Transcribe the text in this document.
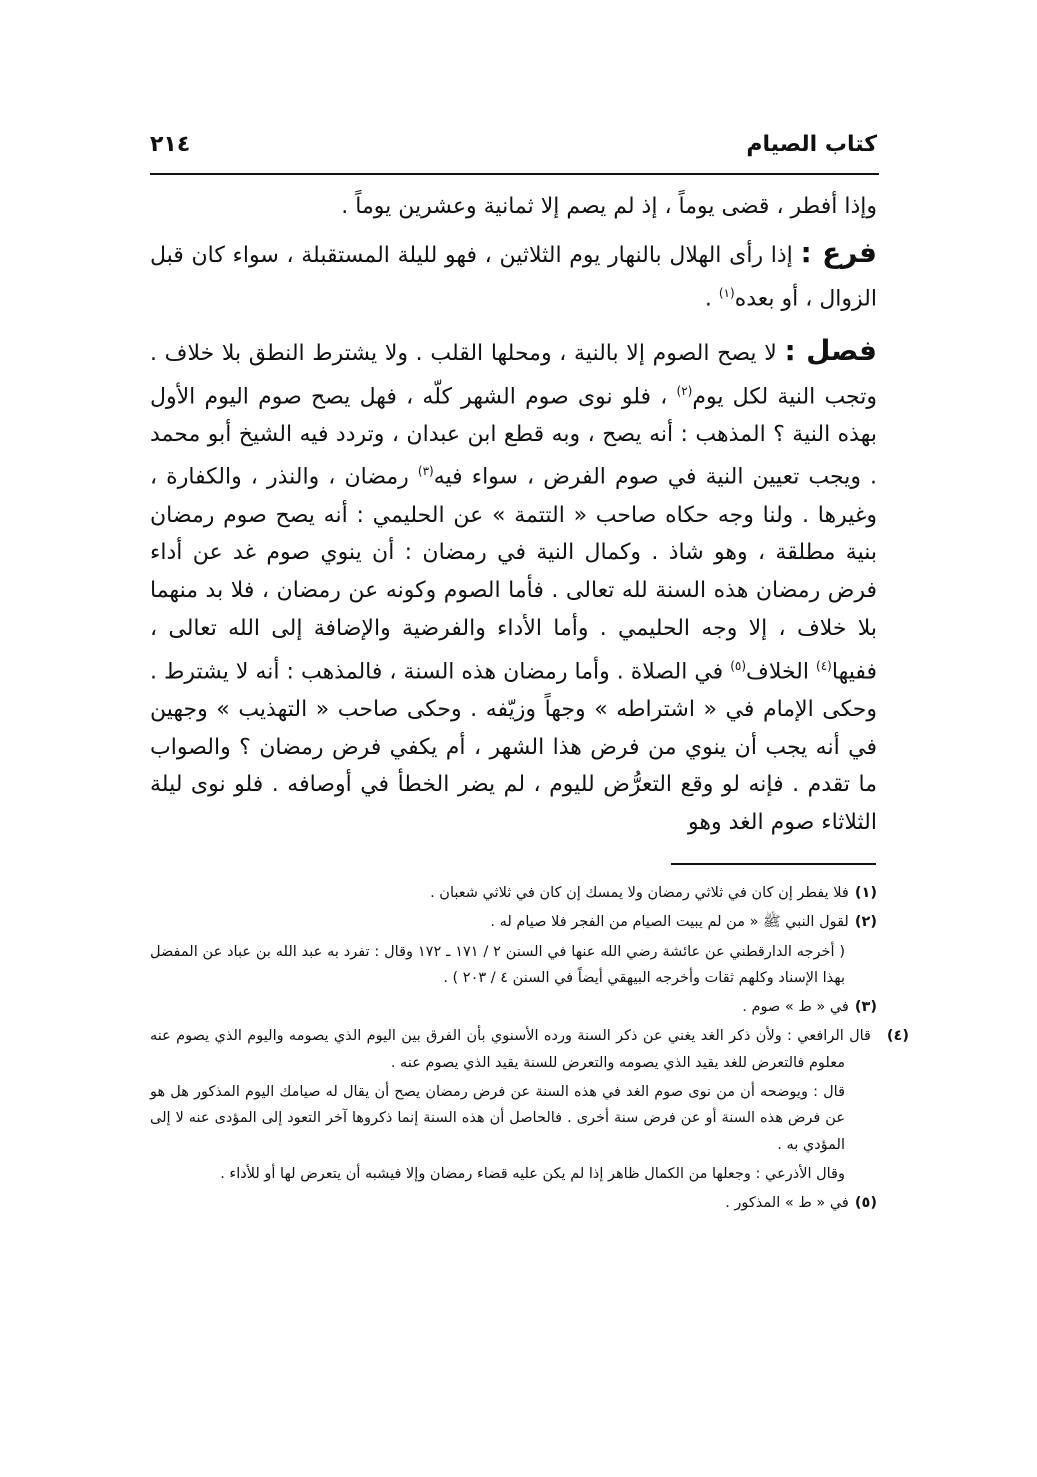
كتاب الصيام
٢١٤

وإذا أفطر ، قضى يوماً ، إذ لم يصم إلا ثمانية وعشرين يوماً .

فرع : إذا رأى الهلال بالنهار يوم الثلاثين ، فهو لليلة المستقبلة ، سواء كان قبل الزوال ، أو بعده$^{(١)}$ .

فصل : لا يصح الصوم إلا بالنية ، ومحلها القلب . ولا يشترط النطق بلا خلاف . وتجب النية لكل يوم$^{(٢)}$ ، فلو نوى صوم الشهر كلّه ، فهل يصح صوم اليوم الأول بهذه النية ؟ المذهب : أنه يصح ، وبه قطع ابن عبدان ، وتردد فيه الشيخ أبو محمد . ويجب تعيين النية في صوم الفرض ، سواء فيه$^{(٣)}$ رمضان ، والنذر ، والكفارة ، وغيرها . ولنا وجه حكاه صاحب « التتمة » عن الحليمي : أنه يصح صوم رمضان بنية مطلقة ، وهو شاذ . وكمال النية في رمضان : أن ينوي صوم غد عن أداء فرض رمضان هذه السنة لله تعالى . فأما الصوم وكونه عن رمضان ، فلا بد منهما بلا خلاف ، إلا وجه الحليمي . وأما الأداء والفرضية والإضافة إلى الله تعالى ، ففيها$^{(٤)}$ الخلاف$^{(٥)}$ في الصلاة . وأما رمضان هذه السنة ، فالمذهب : أنه لا يشترط . وحكى الإمام في « اشتراطه » وجهاً وزيّفه . وحكى صاحب « التهذيب » وجهين في أنه يجب أن ينوي من فرض هذا الشهر ، أم يكفي فرض رمضان ؟ والصواب ما تقدم . فإنه لو وقع التعرُّض لليوم ، لم يضر الخطأ في أوصافه . فلو نوى ليلة الثلاثاء صوم الغد وهو

(١)فلا يفطر إن كان في ثلاثي رمضان ولا يمسك إن كان في ثلاثي شعبان .

(٢)لقول النبي ﷺ « من لم يبيت الصيام من الفجر فلا صيام له .

( أخرجه الدارقطني عن عائشة رضي الله عنها في السنن ٢ / ١٧١ ـ ١٧٢ وقال : تفرد به عبد الله بن عباد عن المفضل بهذا الإسناد وكلهم ثقات وأخرجه البيهقي أيضاً في السنن ٤ / ٢٠٣ ) .

(٣)في « ط » صوم .

(٤)قال الرافعي : ولأن ذكر الغد يغني عن ذكر السنة ورده الأسنوي بأن الفرق بين اليوم الذي يصومه واليوم الذي يصوم عنه معلوم فالتعرض للغد يقيد الذي يصومه والتعرض للسنة يقيد الذي يصوم عنه .

قال : ويوضحه أن من نوى صوم الغد في هذه السنة عن فرض رمضان يصح أن يقال له صيامك اليوم المذكور هل هو عن فرض هذه السنة أو عن فرض سنة أخرى . فالحاصل أن هذه السنة إنما ذكروها آخر التعود إلى المؤدى عنه لا إلى المؤدي به .

وقال الأذرعي : وجعلها من الكمال ظاهر إذا لم يكن عليه قضاء رمضان وإلا فيشبه أن يتعرض لها أو للأداء .

(٥)في « ط » المذكور .
